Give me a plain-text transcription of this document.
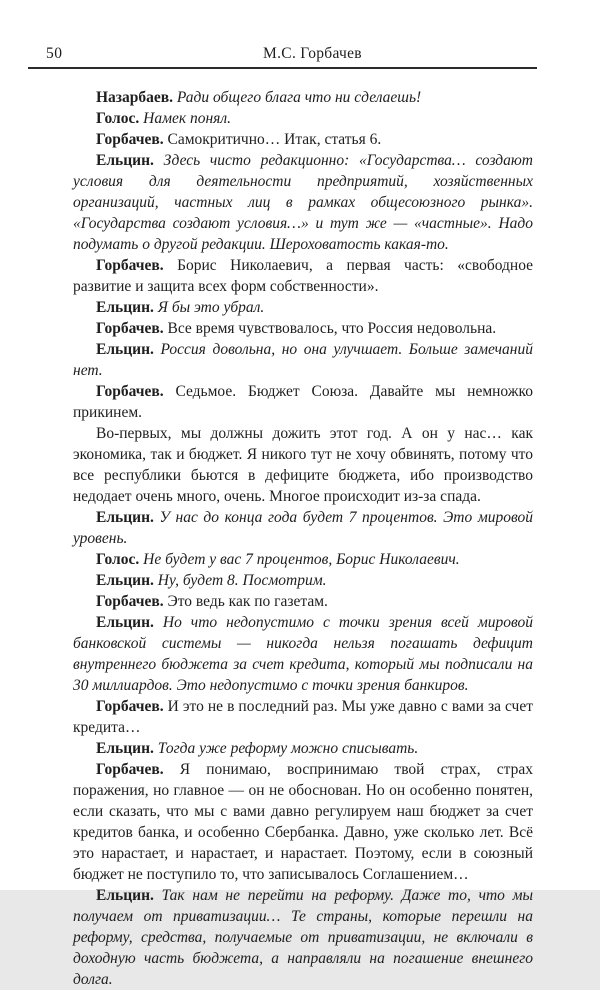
50	М.С. Горбачев

Назарбаев. Ради общего блага что ни сделаешь!

Голос. Намек понял.

Горбачев. Самокритично… Итак, статья 6.

Ельцин. Здесь чисто редакционно: «Государства… создают условия для деятельности предприятий, хозяйственных организаций, частных лиц в рамках общесоюзного рынка». «Государства создают условия…» и тут же — «частные». Надо подумать о другой редакции. Шероховатость какая-то.

Горбачев. Борис Николаевич, а первая часть: «свободное развитие и защита всех форм собственности».

Ельцин. Я бы это убрал.

Горбачев. Все время чувствовалось, что Россия недовольна.

Ельцин. Россия довольна, но она улучшает. Больше замечаний нет.

Горбачев. Седьмое. Бюджет Союза. Давайте мы немножко прикинем.

Во-первых, мы должны дожить этот год. А он у нас… как экономика, так и бюджет. Я никого тут не хочу обвинять, потому что все республики бьются в дефиците бюджета, ибо производство недодает очень много, очень. Многое происходит из-за спада.

Ельцин. У нас до конца года будет 7 процентов. Это мировой уровень.

Голос. Не будет у вас 7 процентов, Борис Николаевич.

Ельцин. Ну, будет 8. Посмотрим.

Горбачев. Это ведь как по газетам.

Ельцин. Но что недопустимо с точки зрения всей мировой банковской системы — никогда нельзя погашать дефицит внутреннего бюджета за счет кредита, который мы подписали на 30 миллиардов. Это недопустимо с точки зрения банкиров.

Горбачев. И это не в последний раз. Мы уже давно с вами за счет кредита…

Ельцин. Тогда уже реформу можно списывать.

Горбачев. Я понимаю, воспринимаю твой страх, страх поражения, но главное — он не обоснован. Но он особенно понятен, если сказать, что мы с вами давно регулируем наш бюджет за счет кредитов банка, и особенно Сбербанка. Давно, уже сколько лет. Всё это нарастает, и нарастает, и нарастает. Поэтому, если в союзный бюджет не поступило то, что записывалось Соглашением…

Ельцин. Так нам не перейти на реформу. Даже то, что мы получаем от приватизации… Те страны, которые перешли на реформу, средства, получаемые от приватизации, не включали в доходную часть бюджета, а направляли на погашение внешнего долга.
